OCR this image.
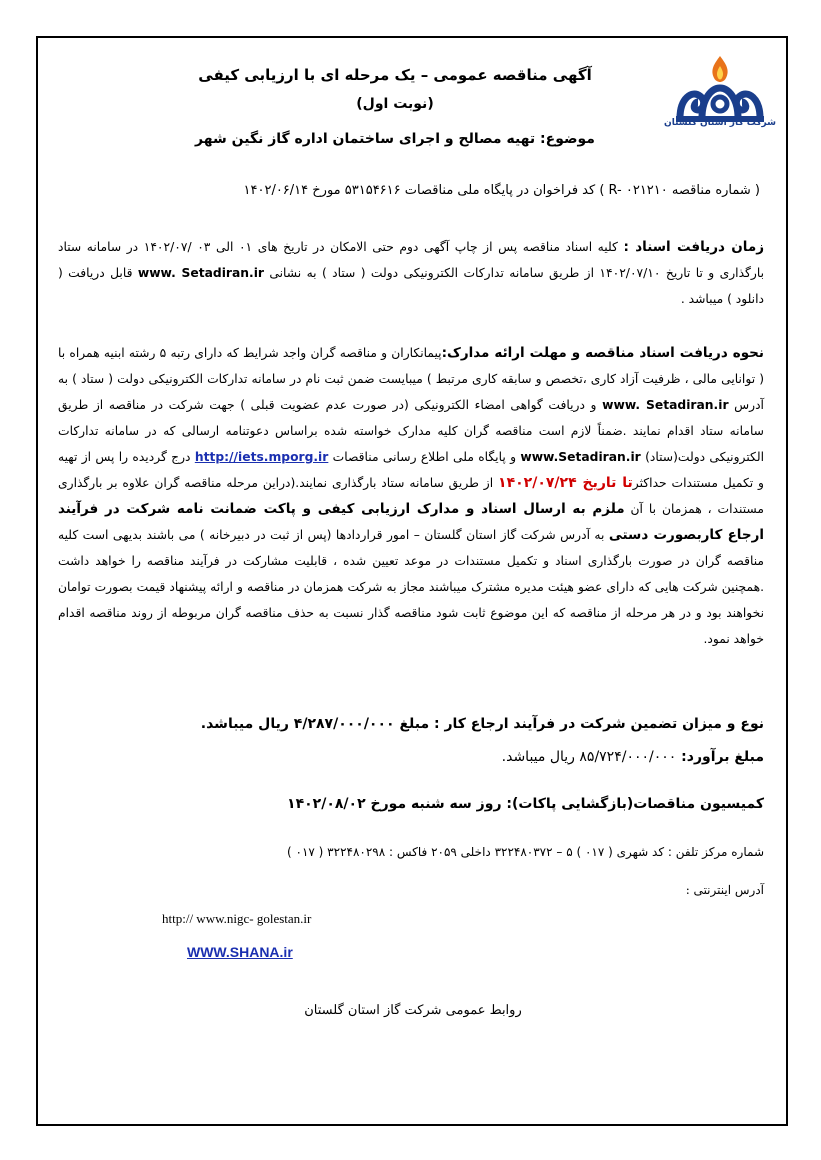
شرکت گاز استان گلستان
آگهی مناقصه عمومی – یک مرحله ای با ارزیابی کیفی
(نوبت اول)
موضوع: تهیه مصالح و اجرای ساختمان اداره گاز نگین شهر
( شماره مناقصه R- ۰۲۱۲۱۰ ) کد فراخوان در پایگاه ملی مناقصات ۵۳۱۵۴۶۱۶ مورخ ۱۴۰۲/۰۶/۱۴
زمان دریافت اسناد : کلیه اسناد مناقصه پس از چاپ آگهی دوم حتی الامکان در تاریخ های ۰۱ الی ۰۳ /۱۴۰۲/۰۷ در سامانه ستاد بارگذاری و تا تاریخ ۱۴۰۲/۰۷/۱۰ از طریق سامانه تدارکات الکترونیکی دولت ( ستاد ) به نشانی www. Setadiran.ir قابل دریافت ( دانلود ) میباشد .
نحوه دریافت اسناد مناقصه و مهلت ارائه مدارک:پیمانکاران و مناقصه گران واجد شرایط که دارای رتبه ۵ رشته ابنیه همراه با ( توانایی مالی ، ظرفیت آزاد کاری ،تخصص و سابقه کاری مرتبط ) میبایست ضمن ثبت نام در سامانه تدارکات الکترونیکی دولت ( ستاد ) به آدرس www. Setadiran.ir و دریافت گواهی امضاء الکترونیکی (در صورت عدم عضویت قبلی ) جهت شرکت در مناقصه از طریق سامانه ستاد اقدام نمایند .ضمناً لازم است مناقصه گران کلیه مدارک خواسته شده براساس دعوتنامه ارسالی که در سامانه تدارکات الکترونیکی دولت(ستاد) www.Setadiran.ir و پایگاه ملی اطلاع رسانی مناقصات http://iets.mporg.ir درج گردیده را پس از تهیه و تکمیل مستندات حداکثرتا تاریخ ۱۴۰۲/۰۷/۲۴ از طریق سامانه ستاد بارگذاری نمایند.(دراین مرحله مناقصه گران علاوه بر بارگذاری مستندات ، همزمان با آن ملزم به ارسال اسناد و مدارک ارزیابی کیفی و پاکت ضمانت نامه شرکت در فرآیند ارجاع کاربصورت دستی به آدرس شرکت گاز استان گلستان – امور قراردادها (پس از ثبت در دبیرخانه ) می باشند بدیهی است کلیه مناقصه گران در صورت بارگذاری اسناد و تکمیل مستندات در موعد تعیین شده ، قابلیت مشارکت در فرآیند مناقصه را خواهد داشت .همچنین شرکت هایی که دارای عضو هیئت مدیره مشترک میباشند مجاز به شرکت همزمان در مناقصه و ارائه پیشنهاد قیمت بصورت توامان نخواهند بود و در هر مرحله از مناقصه که این موضوع ثابت شود مناقصه گذار نسبت به حذف مناقصه گران مربوطه از روند مناقصه اقدام خواهد نمود.
نوع و میزان تضمین شرکت در فرآیند ارجاع کار : مبلغ ۴/۲۸۷/۰۰۰/۰۰۰ ریال میباشد.
مبلغ برآورد: ۸۵/۷۲۴/۰۰۰/۰۰۰ ریال میباشد.
کمیسیون مناقصات(بازگشایی پاکات): روز سه شنبه مورخ ۱۴۰۲/۰۸/۰۲
شماره مرکز تلفن : کد شهری ( ۰۱۷ ) ۵ – ۳۲۲۴۸۰۳۷۲ داخلی ۲۰۵۹ فاکس : ۳۲۲۴۸۰۲۹۸ ( ۰۱۷ )
آدرس اینترنتی :
http:// www.nigc- golestan.ir
WWW.SHANA.ir
روابط عمومی شرکت گاز استان گلستان
